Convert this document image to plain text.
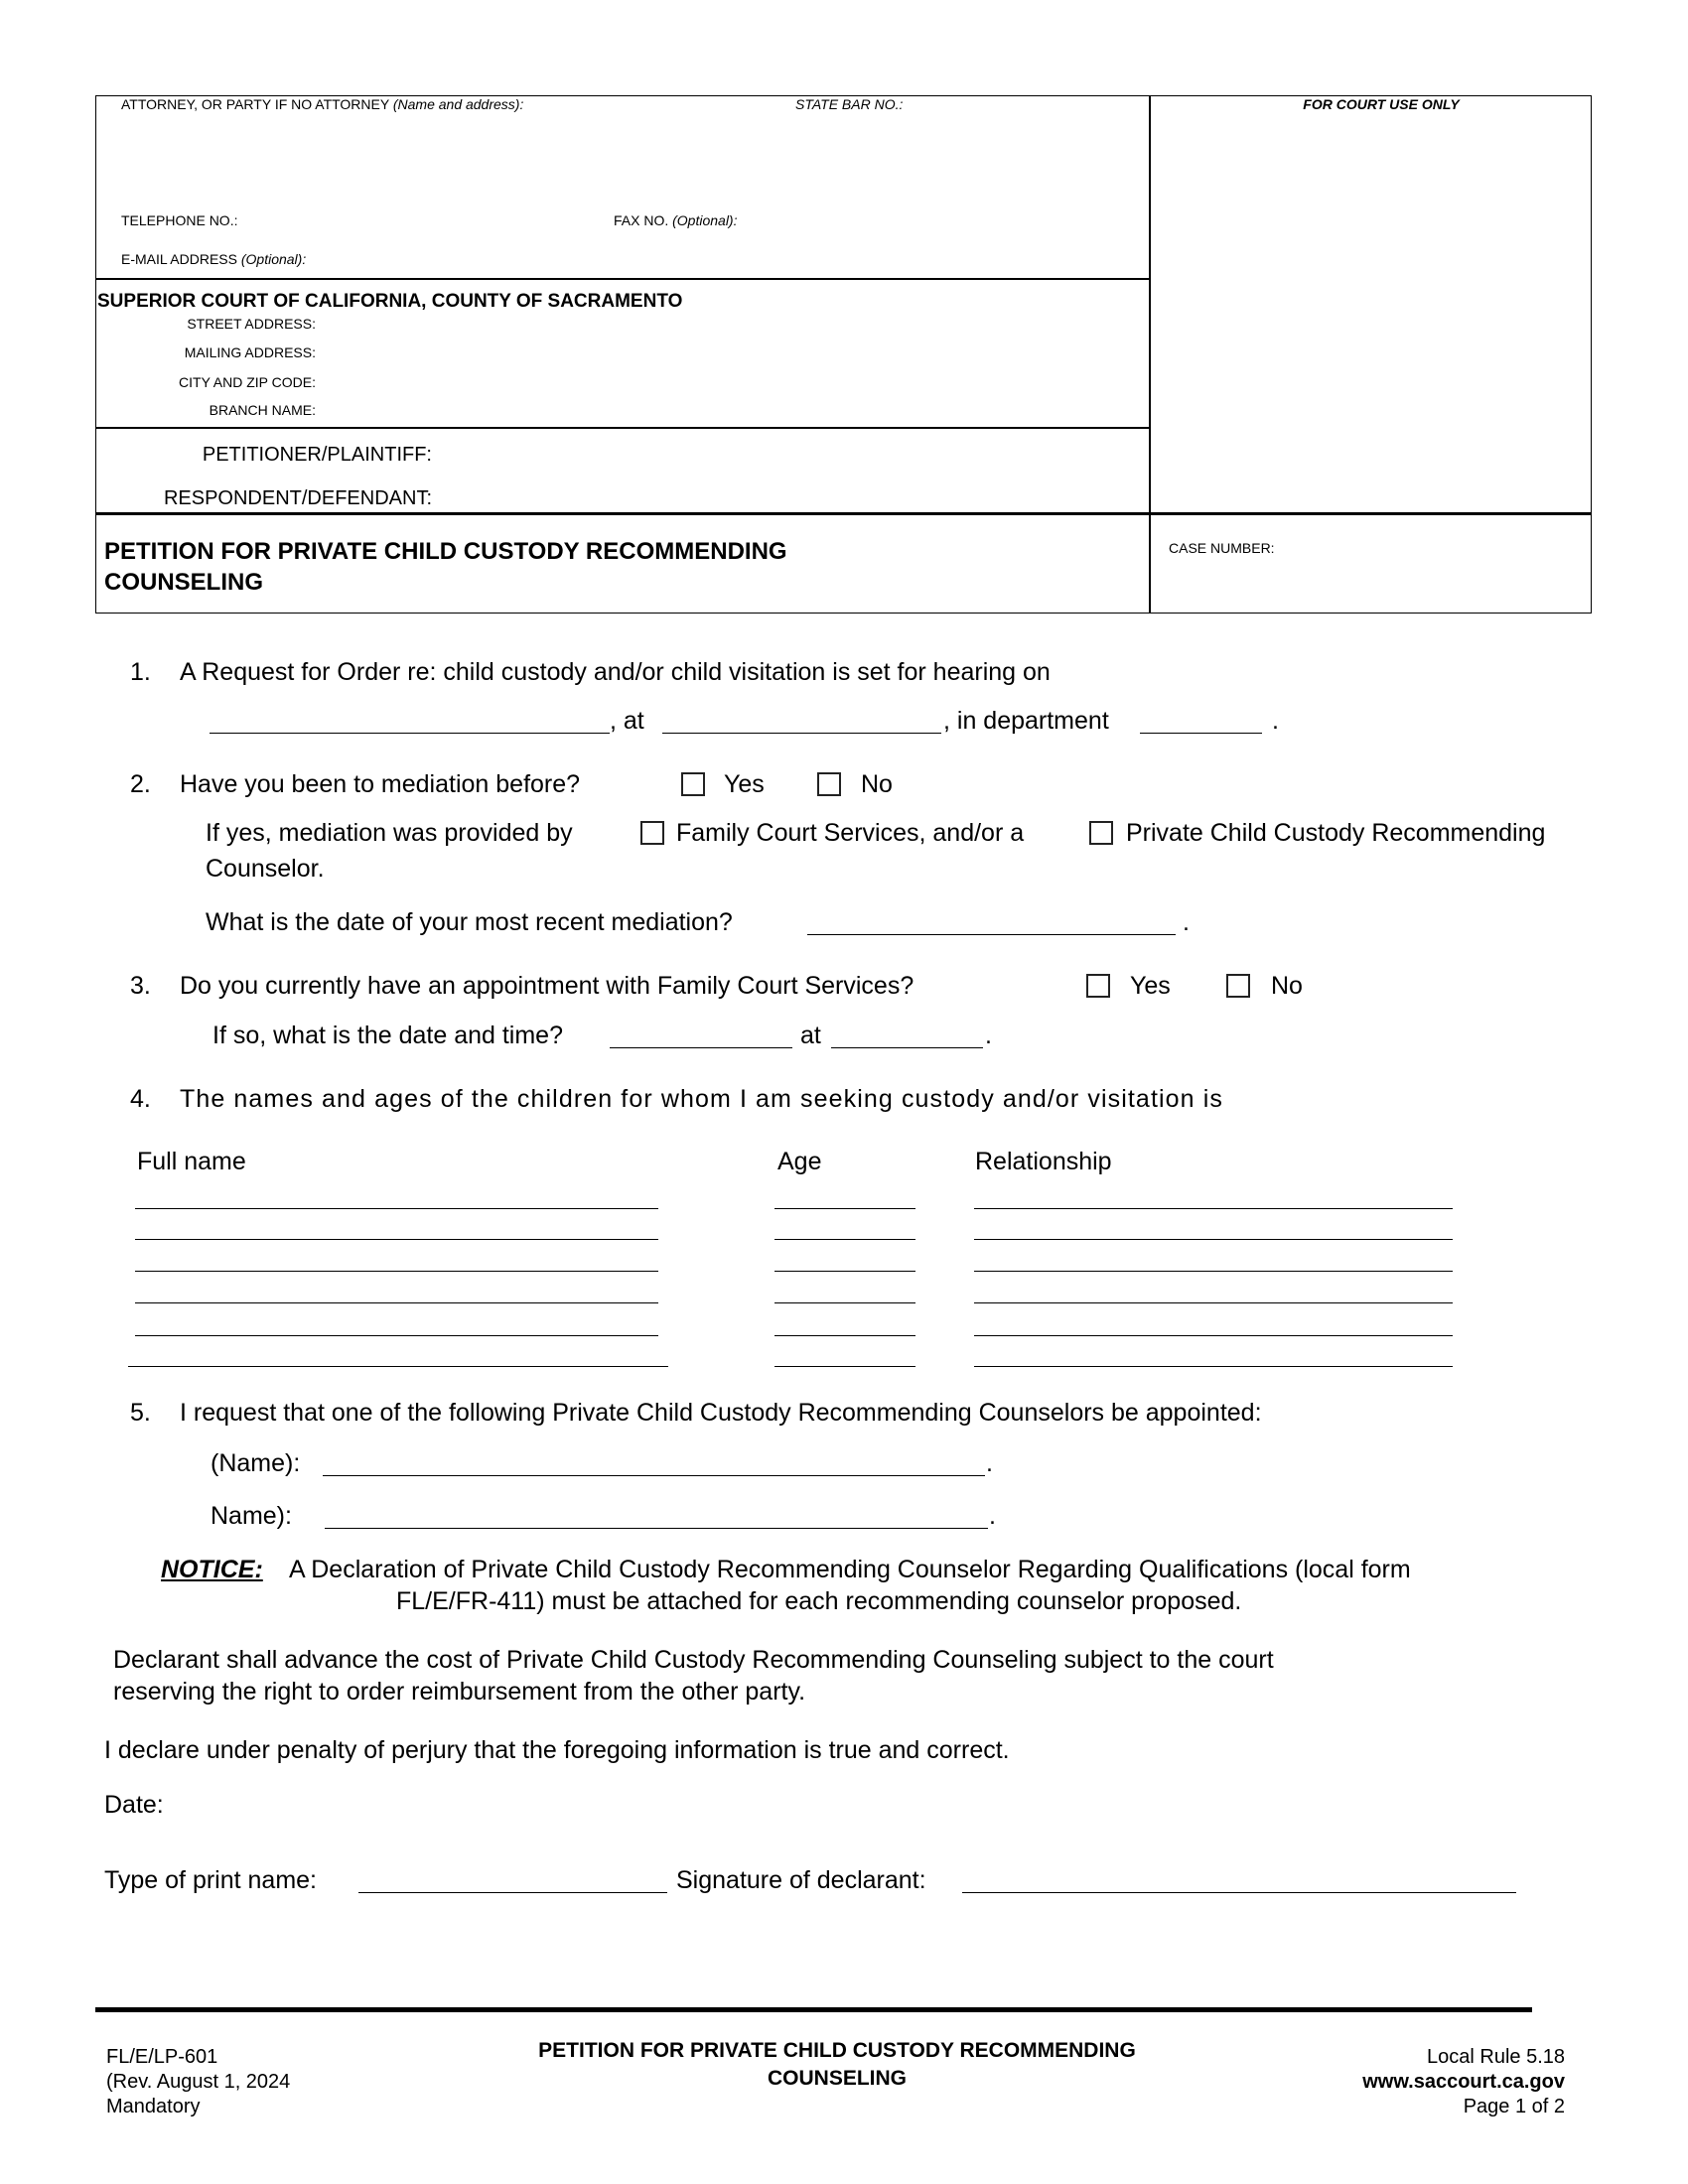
ATTORNEY, OR PARTY IF NO ATTORNEY (Name and address):	STATE BAR NO.:	FOR COURT USE ONLY
TELEPHONE NO.:	FAX NO. (Optional):
E-MAIL ADDRESS (Optional):
SUPERIOR COURT OF CALIFORNIA, COUNTY OF SACRAMENTO
STREET ADDRESS:
MAILING ADDRESS:
CITY AND ZIP CODE:
BRANCH NAME:
PETITIONER/PLAINTIFF:
RESPONDENT/DEFENDANT:
PETITION FOR PRIVATE CHILD CUSTODY RECOMMENDING
COUNSELING
CASE NUMBER:
1. A Request for Order re: child custody and/or child visitation is set for hearing on
, at	, in department	.
2. Have you been to mediation before?	Yes	No
If yes, mediation was provided by	Family Court Services, and/or a	Private Child Custody Recommending
Counselor.
What is the date of your most recent mediation?	.
3. Do you currently have an appointment with Family Court Services?	Yes	No
If so, what is the date and time?	at	.
4. The names and ages of the children for whom I am seeking custody and/or visitation is
Full name	Age	Relationship
5. I request that one of the following Private Child Custody Recommending Counselors be appointed:
(Name):	.
Name):	.
NOTICE: A Declaration of Private Child Custody Recommending Counselor Regarding Qualifications (local form
FL/E/FR-411) must be attached for each recommending counselor proposed.
Declarant shall advance the cost of Private Child Custody Recommending Counseling subject to the court
reserving the right to order reimbursement from the other party.
I declare under penalty of perjury that the foregoing information is true and correct.
Date:
Type of print name:	Signature of declarant:
FL/E/LP-601
(Rev. August 1, 2024
Mandatory
PETITION FOR PRIVATE CHILD CUSTODY RECOMMENDING
COUNSELING
Local Rule 5.18
www.saccourt.ca.gov
Page 1 of 2
